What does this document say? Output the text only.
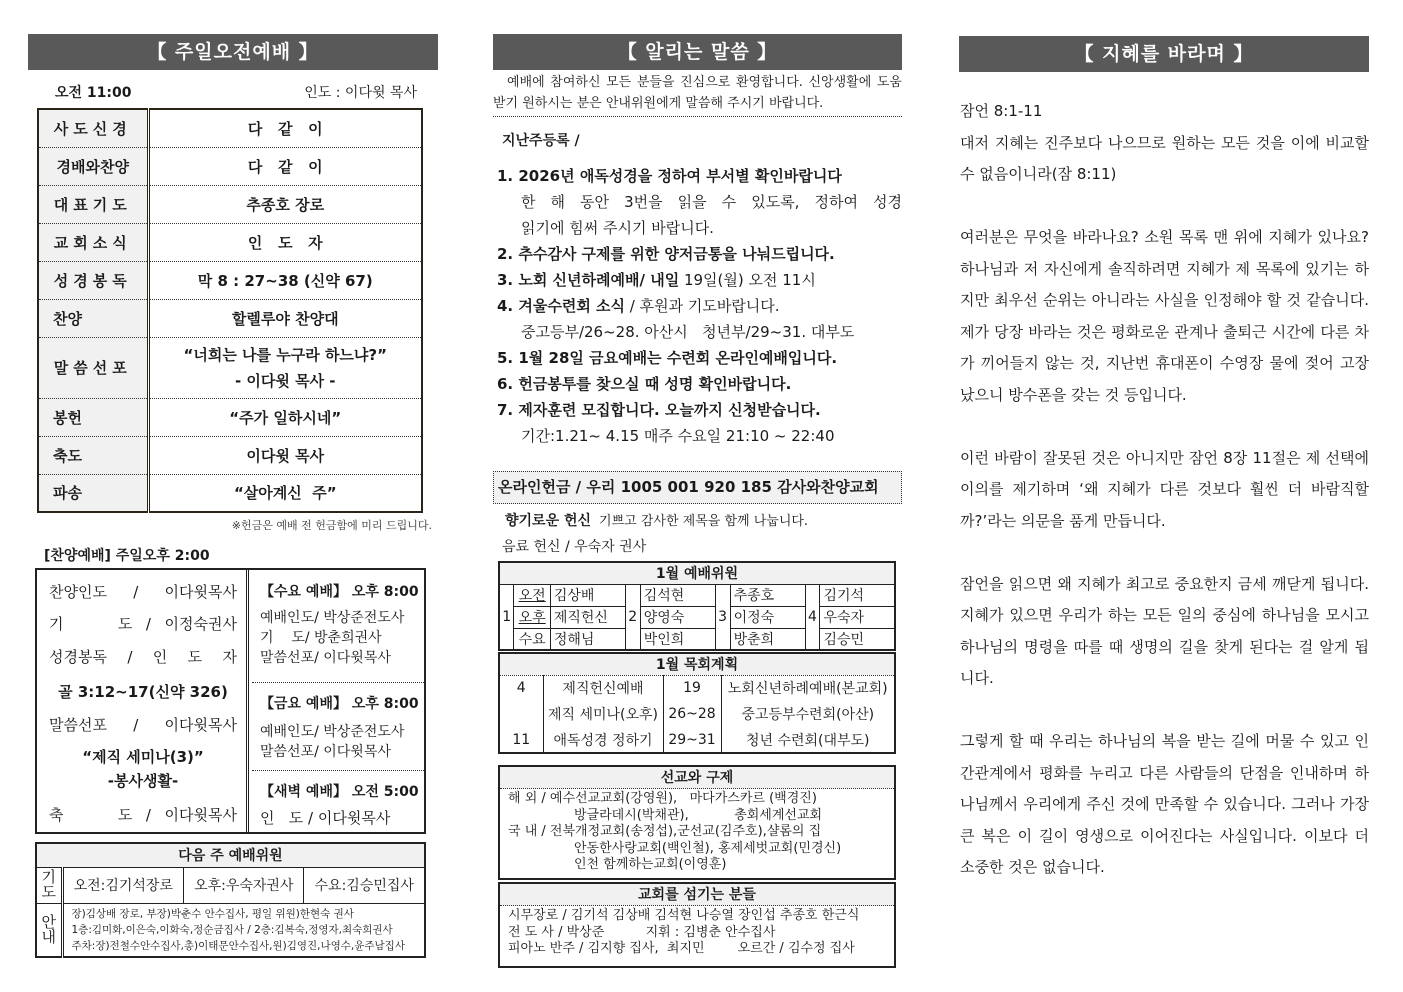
【 주일오전예배 】
오전 11:00	인도 : 이다윗 목사
사도신경	다   같   이
경배와찬양	다   같   이
대표기도	추종호 장로
교회소식	인   도   자
성경봉독	막 8 : 27~38 (신약 67)
찬양	할렐루야 찬양대
말씀선포	“너희는 나를 누구라 하느냐?”
- 이다윗 목사 -

봉헌	“주가 일하시네”
축도	이다윗 목사
파송	“살아계신  주”
※헌금은 예배 전 헌금함에 미리 드립니다.
[찬양예배] 주일오후 2:00
찬양인도 / 이다윗목사
기    도 / 이정숙권사
성경봉독 / 인 도 자
골 3:12~17(신약 326)
말씀선포 / 이다윗목사
“제직 세미나(3)”
-봉사생활-
축    도 / 이다윗목사
【수요 예배】 오후 8:00
예배인도/ 박상준전도사
기    도/ 방춘희권사
말씀선포/ 이다윗목사
【금요 예배】 오후 8:00
예배인도/ 박상준전도사
말씀선포/ 이다윗목사
【새벽 예배】 오전 5:00
인   도 / 이다윗목사
다음 주 예배위원			
기도	오전:김기석장로	오후:우숙자권사	수요:김승민집사
안내	장)김상배 장로, 부장)박춘수 안수집사, 평일 위원)한현숙 권사
1층:김미화,이은숙,이화숙,정순금집사 / 2층:김복숙,정영자,최숙희권사
주차:장)전철수안수집사,총)이태문안수집사,원)김영진,나영수,윤주남집사		
【 알리는 말씀 】
예배에 참여하신 모든 분들을 진심으로 환영합니다. 신앙생활에 도움받기 원하시는 분은 안내위원에게 말씀해 주시기 바랍니다.
지난주등록 /
1. 2026년 애독성경을 정하여 부서별 확인바랍니다
한 해 동안 3번을 읽을 수 있도록, 정하여 성경
읽기에 힘써 주시기 바랍니다.
2. 추수감사 구제를 위한 양저금통을 나눠드립니다.
3. 노회 신년하례예배/ 내일 19일(월) 오전 11시
4. 겨울수련회 소식 / 후원과 기도바랍니다.
중고등부/26~28. 아산시   청년부/29~31. 대부도
5. 1월 28일 금요예배는 수련회 온라인예배입니다.
6. 헌금봉투를 찾으실 때 성명 확인바랍니다.
7. 제자훈련 모집합니다. 오늘까지 신청받습니다.
기간:1.21~ 4.15 매주 수요일 21:10 ~ 22:40
온라인헌금 / 우리 1005 001 920 185 감사와찬양교회
향기로운 헌신 기쁘고 감사한 제목을 함께 나눕니다.
음료 헌신 / 우숙자 권사
1월 예배위원								
1	오전	김상배	2	김석현	3	추종호	4	김기석
	오후	제직헌신		양영숙		이정숙		우숙자
	수요	정해님		박인희		방춘희		김승민
1월 목회계획			
4	제직헌신예배	19	노회신년하례예배(본교회)
	제직 세미나(오후)	26~28	중고등부수련회(아산)
11	애독성경 정하기	29~31	청년 수련회(대부도)
선교와 구제
해 외 / 예수선교교회(강영원),   마다가스카르 (백경진)
방글라데시(박채관),           총회세계선교회
국 내 / 전북개정교회(송정섭),군선교(김주호),샬롬의 집
안동한사랑교회(백인철), 홍제세벗교회(민경신)
인천 함께하는교회(이영훈)
교회를 섬기는 분들
시무장로 / 김기석 김상배 김석현 나승열 장인섭 추종호 한근식
전 도 사 / 박상준          지휘 : 김병춘 안수집사
피아노 반주 / 김지향 집사,  최지민        오르간 / 김수정 집사
【 지혜를 바라며 】

잠언 8:1-11

대저 지혜는 진주보다 나으므로 원하는 모든 것을 이에 비교할 수 없음이니라(잠 8:11)

여러분은 무엇을 바라나요? 소원 목록 맨 위에 지혜가 있나요? 하나님과 저 자신에게 솔직하려면 지혜가 제 목록에 있기는 하지만 최우선 순위는 아니라는 사실을 인정해야 할 것 같습니다. 제가 당장 바라는 것은 평화로운 관계나 출퇴근 시간에 다른 차가 끼어들지 않는 것, 지난번 휴대폰이 수영장 물에 젖어 고장났으니 방수폰을 갖는 것 등입니다.

이런 바람이 잘못된 것은 아니지만 잠언 8장 11절은 제 선택에 이의를 제기하며 ‘왜 지혜가 다른 것보다 훨씬 더 바람직할까?’라는 의문을 품게 만듭니다.

잠언을 읽으면 왜 지혜가 최고로 중요한지 금세 깨닫게 됩니다. 지혜가 있으면 우리가 하는 모든 일의 중심에 하나님을 모시고 하나님의 명령을 따를 때 생명의 길을 찾게 된다는 걸 알게 됩니다.

그렇게 할 때 우리는 하나님의 복을 받는 길에 머물 수 있고 인간관계에서 평화를 누리고 다른 사람들의 단점을 인내하며 하나님께서 우리에게 주신 것에 만족할 수 있습니다. 그러나 가장 큰 복은 이 길이 영생으로 이어진다는 사실입니다. 이보다 더 소중한 것은 없습니다.
